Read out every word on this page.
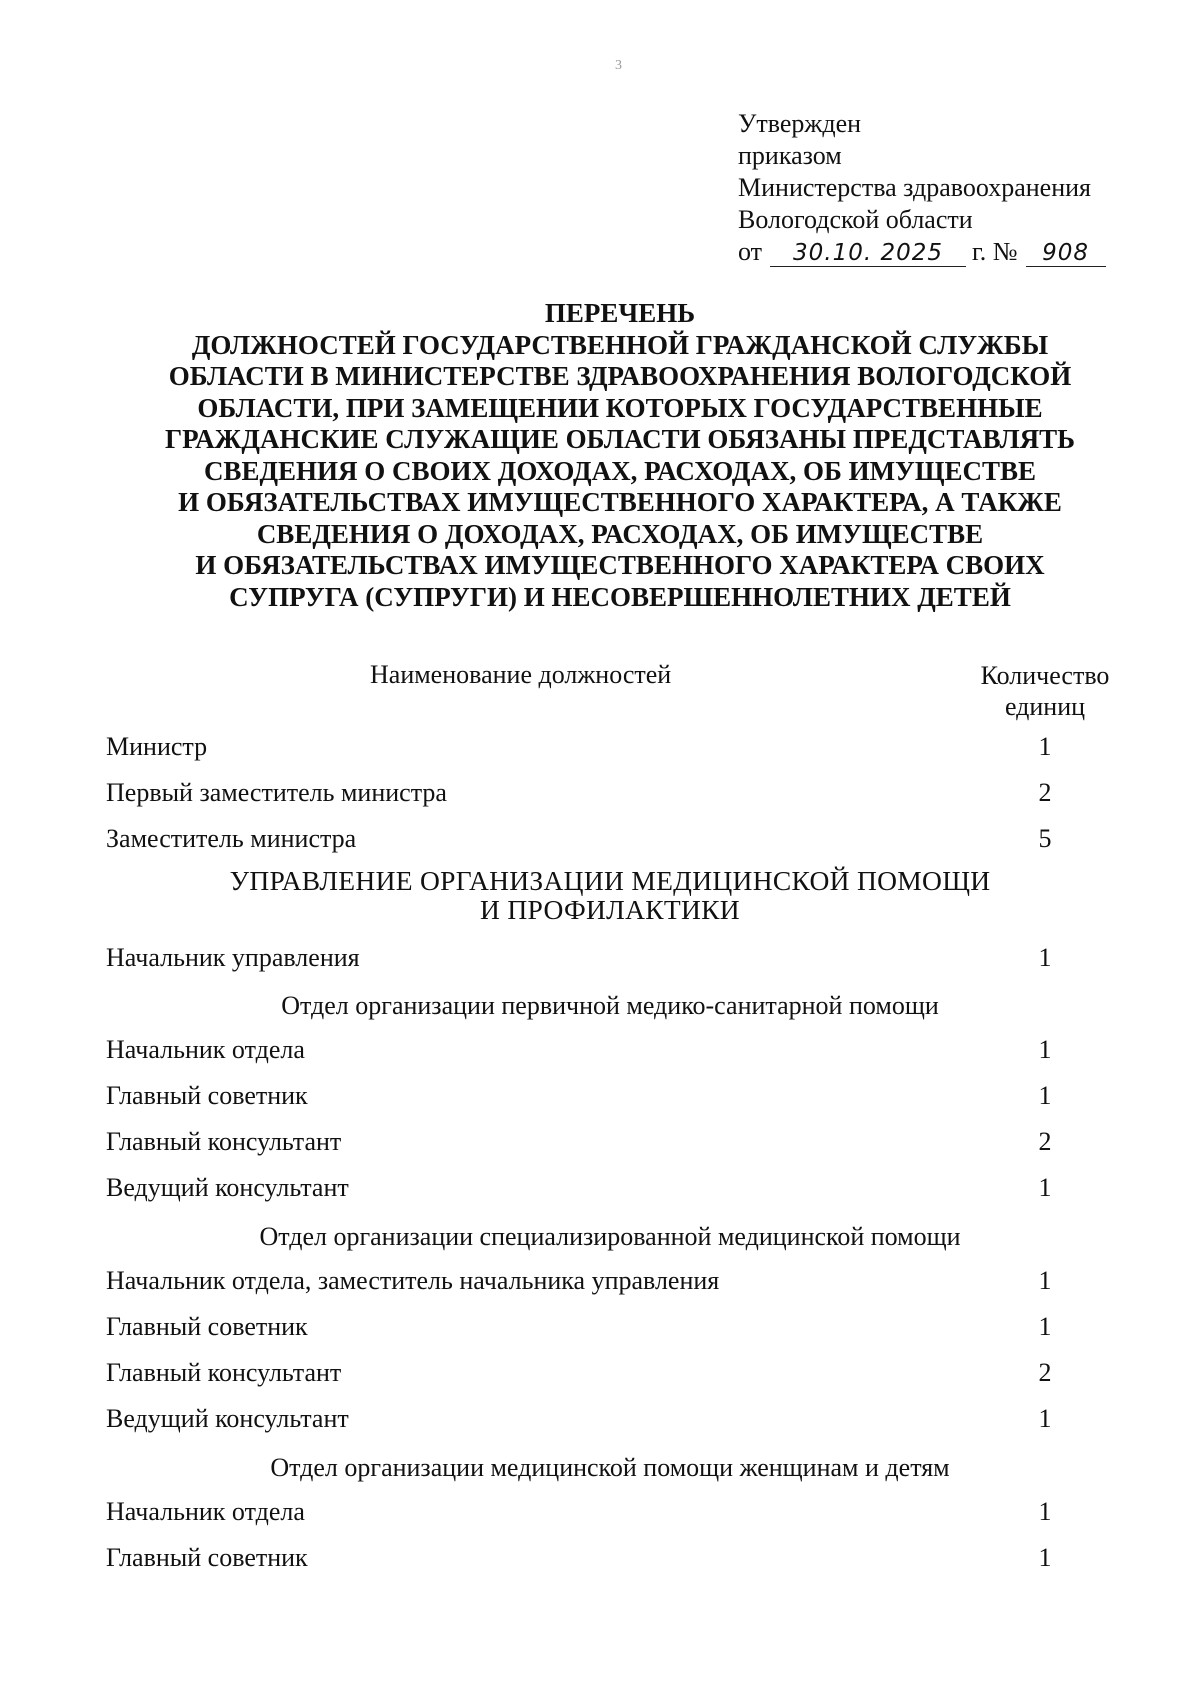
3
Утвержден
приказом
Министерства здравоохранения
Вологодской области
от 30.10. 2025 г. № 908
ПЕРЕЧЕНЬ
ДОЛЖНОСТЕЙ ГОСУДАРСТВЕННОЙ ГРАЖДАНСКОЙ СЛУЖБЫ
ОБЛАСТИ В МИНИСТЕРСТВЕ ЗДРАВООХРАНЕНИЯ ВОЛОГОДСКОЙ
ОБЛАСТИ, ПРИ ЗАМЕЩЕНИИ КОТОРЫХ ГОСУДАРСТВЕННЫЕ
ГРАЖДАНСКИЕ СЛУЖАЩИЕ ОБЛАСТИ ОБЯЗАНЫ ПРЕДСТАВЛЯТЬ
СВЕДЕНИЯ О СВОИХ ДОХОДАХ, РАСХОДАХ, ОБ ИМУЩЕСТВЕ
И ОБЯЗАТЕЛЬСТВАХ ИМУЩЕСТВЕННОГО ХАРАКТЕРА, А ТАКЖЕ
СВЕДЕНИЯ О ДОХОДАХ, РАСХОДАХ, ОБ ИМУЩЕСТВЕ
И ОБЯЗАТЕЛЬСТВАХ ИМУЩЕСТВЕННОГО ХАРАКТЕРА СВОИХ
СУПРУГА (СУПРУГИ) И НЕСОВЕРШЕННОЛЕТНИХ ДЕТЕЙ
Наименование должностей	Количество
единиц
Министр	1
Первый заместитель министра	2
Заместитель министра	5
УПРАВЛЕНИЕ ОРГАНИЗАЦИИ МЕДИЦИНСКОЙ ПОМОЩИ
И ПРОФИЛАКТИКИ
Начальник управления	1
Отдел организации первичной медико-санитарной помощи
Начальник отдела	1
Главный советник	1
Главный консультант	2
Ведущий консультант	1
Отдел организации специализированной медицинской помощи
Начальник отдела, заместитель начальника управления	1
Главный советник	1
Главный консультант	2
Ведущий консультант	1
Отдел организации медицинской помощи женщинам и детям
Начальник отдела	1
Главный советник	1
